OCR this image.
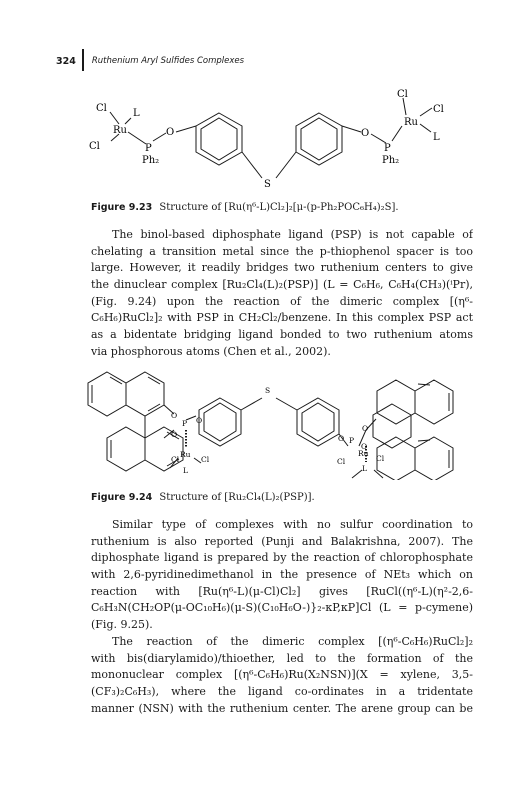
324	Ruthenium Aryl Sulfides Complexes
Cl	L
Ru
Cl	P
Ph₂
O
S
O
P
Ph₂
Ru
Cl
Cl
L
Figure 9.23 Structure of [Ru(η⁶-L)Cl₂]₂[μ-(p-Ph₂POC₆H₄)₂S].
The binol-based diphosphate ligand (PSP) is not capable of
chelating a transition metal since the p-thiophenol spacer is too
large. However, it readily bridges two ruthenium centers to give
the dinuclear complex [Ru₂Cl₄(L)₂(PSP)] (L = C₆H₆, C₆H₄(CH₃)(ⁱPr),
(Fig. 9.24) upon the reaction of the dimeric complex [(η⁶-
C₆H₆)RuCl₂]₂ with PSP in CH₂Cl₂/benzene. In this complex PSP act
as a bidentate bridging ligand bonded to two ruthenium atoms
via phosphorous atoms (Chen et al., 2002).
S
O
P O
O
Ru
Cl	Cl
L
O P
O
O
Ru
Cl	Cl
L
Figure 9.24 Structure of [Ru₂Cl₄(L)₂(PSP)].
Similar type of complexes with no sulfur coordination to
ruthenium is also reported (Punji and Balakrishna, 2007). The
diphosphate ligand is prepared by the reaction of chlorophosphate
with 2,6-pyridinedimethanol in the presence of NEt₃ which on
reaction with [Ru(η⁶-L)(μ-Cl)Cl₂] gives [RuCl((η⁶-L)(η²-2,6-
C₆H₃N(CH₂OP(μ-OC₁₀H₆)(μ-S)(C₁₀H₆O-)}₂-κP,κP]Cl (L = p-cymene)
(Fig. 9.25).
The reaction of the dimeric complex [(η⁶-C₆H₆)RuCl₂]₂
with bis(diarylamido)/thioether, led to the formation of the
mononuclear complex [(η⁶-C₆H₆)Ru(X₂NSN)](X = xylene, 3,5-
(CF₃)₂C₆H₃), where the ligand co-ordinates in a tridentate
manner (NSN) with the ruthenium center. The arene group can be
